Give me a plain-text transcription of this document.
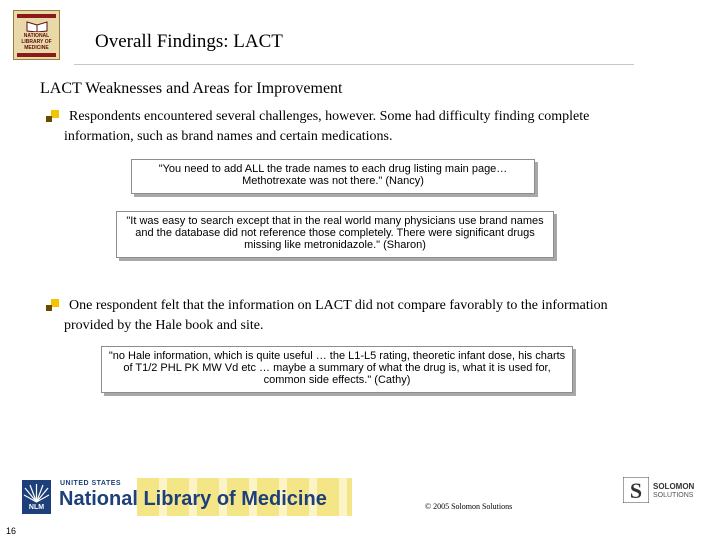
NATIONAL LIBRARY OF MEDICINE	Overall Findings: LACT
LACT Weaknesses and Areas for Improvement
Respondents encountered several challenges, however. Some had difficulty finding complete information, such as brand names and certain medications.
"You need to add ALL the trade names to each drug listing main page… Methotrexate was not there." (Nancy)
"It was easy to search except that in the real world many physicians use brand names and the database did not reference those completely. There were significant drugs missing like metronidazole." (Sharon)
One respondent felt that the information on LACT did not compare favorably to the information provided by the Hale book and site.
"no Hale information, which is quite useful … the L1-L5 rating, theoretic infant dose, his charts of T1/2 PHL PK MW Vd etc … maybe a summary of what the drug is, what it is used for, common side effects." (Cathy)
NLM
UNITED STATES
National Library of Medicine	© 2005 Solomon Solutions
S SOLOMON
SOLUTIONS
16
